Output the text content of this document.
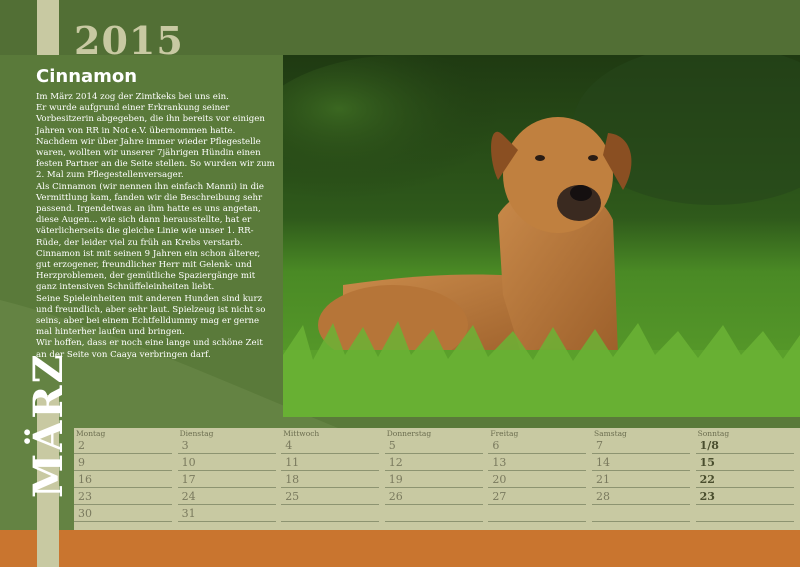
2015
Cinnamon

Im März 2014 zog der Zimtkeks bei uns ein.

Er wurde aufgrund einer Erkrankung seiner Vorbesitzerin abgegeben, die ihn bereits vor einigen Jahren von RR in Not e.V. übernommen hatte.

Nachdem wir über Jahre immer wieder Pflegestelle waren, wollten wir unserer 7jährigen Hündin einen festen Partner an die Seite stellen. So wurden wir zum 2. Mal zum Pflegestellenversager.

Als Cinnamon (wir nennen ihn einfach Manni) in die Vermittlung kam, fanden wir die Beschreibung sehr passend. Irgendetwas an ihm hatte es uns angetan, diese Augen... wie sich dann herausstellte, hat er väterlicherseits die gleiche Linie wie unser 1. RR-Rüde, der leider viel zu früh an Krebs verstarb.

Cinnamon ist mit seinen 9 Jahren ein schon älterer, gut erzogener, freundlicher Herr mit Gelenk- und Herzproblemen, der gemütliche Spaziergänge mit ganz intensiven Schnüffeleinheiten liebt.

Seine Spieleinheiten mit anderen Hunden sind kurz und freundlich, aber sehr laut. Spielzeug ist nicht so seins, aber bei einem Echtfelldummy mag er gerne mal hinterher laufen und bringen.

Wir hoffen, dass er noch eine lange und schöne Zeit an der Seite von Caaya verbringen darf.

MÄRZ Montag
2
9
16
23
30
Dienstag
3
10
17
24
31
Mittwoch
4
11
18
25
Donnerstag
5
12
19
26
Freitag
6
13
20
27
Samstag
7
14
21
28
Sonntag
1/8
15
22
23
